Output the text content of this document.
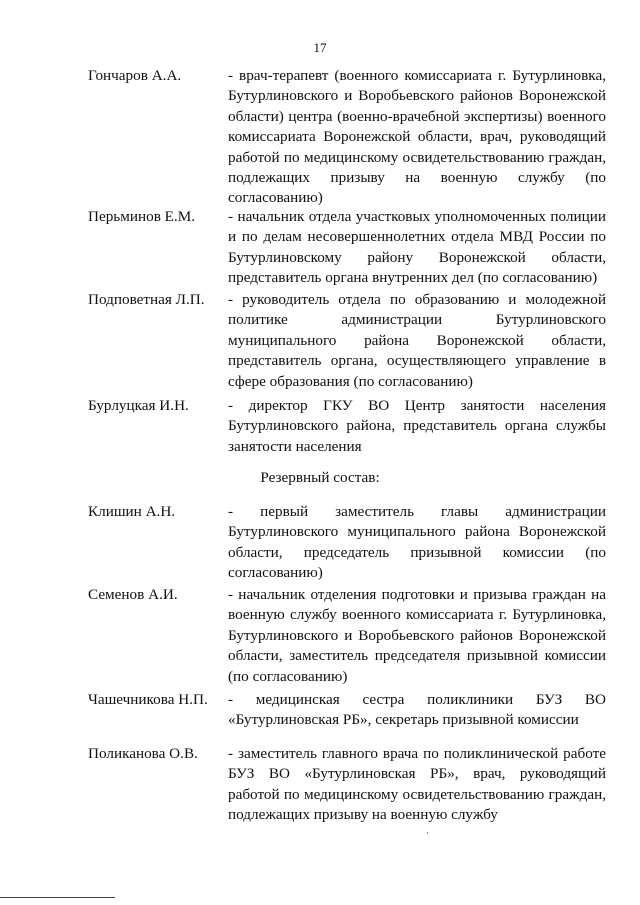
17
Гончаров А.А.	- врач-терапевт (военного комиссариата г. Бутурлиновка, Бутурлиновского и Воробьевского районов Воронежской области) центра (военно-врачебной экспертизы) военного комиссариата Воронежской области, врач, руководящий работой по медицинскому освидетельствованию граждан, подлежащих призыву на военную службу (по согласованию)
Перьминов Е.М.	- начальник отдела участковых уполномоченных полиции и по делам несовершеннолетних отдела МВД России по Бутурлиновскому району Воронежской области, представитель органа внутренних дел (по согласованию)
Подповетная Л.П.	- руководитель отдела по образованию и молодежной политике администрации Бутурлиновского муниципального района Воронежской области, представитель органа, осуществляющего управление в сфере образования (по согласованию)
Бурлуцкая И.Н.	- директор ГКУ ВО Центр занятости населения Бутурлиновского района, представитель органа службы занятости населения
Резервный состав:
Клишин А.Н.	- первый заместитель главы администрации Бутурлиновского муниципального района Воронежской области, председатель призывной комиссии (по согласованию)
Семенов А.И.	- начальник отделения подготовки и призыва граждан на военную службу военного комиссариата г. Бутурлиновка, Бутурлиновского и Воробьевского районов Воронежской области, заместитель председателя призывной комиссии (по согласованию)
Чашечникова Н.П.	- медицинская сестра поликлиники БУЗ ВО «Бутурлиновская РБ», секретарь призывной комиссии
Поликанова О.В.	- заместитель главного врача по поликлинической работе БУЗ ВО «Бутурлиновская РБ», врач, руководящий работой по медицинскому освидетельствованию граждан, подлежащих призыву на военную службу
